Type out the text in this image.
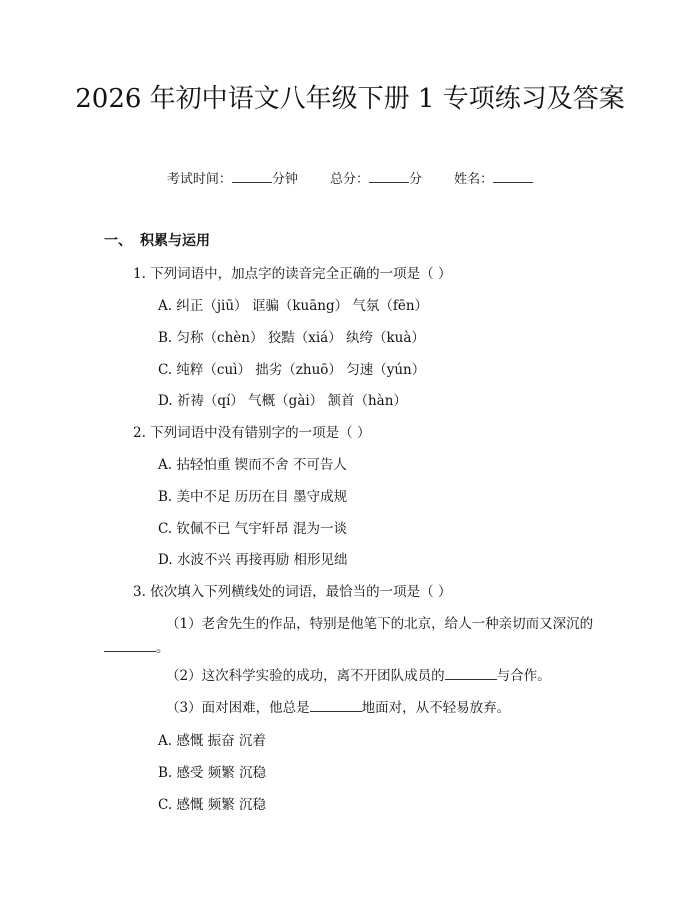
2026 年初中语文八年级下册 1 专项练习及答案
考试时间：	分钟 总分：	分 姓名：
一、 积累与运用
1. 下列词语中，加点字的读音完全正确的一项是（ ）
A. 纠正（jiū） 诓骗（kuāng） 气氛（fēn）
B. 匀称（chèn） 狡黠（xiá） 纨绔（kuà）
C. 纯粹（cuì） 拙劣（zhuō） 匀速（yún）
D. 祈祷（qí） 气概（gài） 颔首（hàn）
2. 下列词语中没有错别字的一项是（ ）
A. 拈轻怕重 锲而不舍 不可告人
B. 美中不足 历历在目 墨守成规
C. 钦佩不已 气宇轩昂 混为一谈
D. 水波不兴 再接再励 相形见绌
3. 依次填入下列横线处的词语，最恰当的一项是（ ）
（1）老舍先生的作品，特别是他笔下的北京，给人一种亲切而又深沉的
。
（2）这次科学实验的成功，离不开团队成员的	与合作。
（3）面对困难，他总是	地面对，从不轻易放弃。
A. 感慨 振奋 沉着
B. 感受 频繁 沉稳
C. 感慨 频繁 沉稳
